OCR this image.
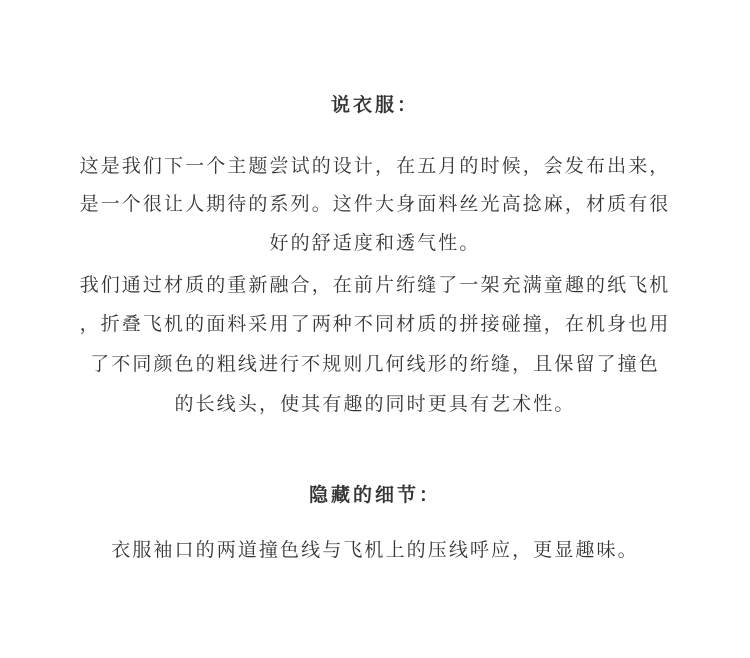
说衣服：
这是我们下一个主题尝试的设计，在五月的时候，会发布出来，
是一个很让人期待的系列。这件大身面料丝光高捻麻，材质有很
好的舒适度和透气性。
我们通过材质的重新融合，在前片绗缝了一架充满童趣的纸飞机
，折叠飞机的面料采用了两种不同材质的拼接碰撞，在机身也用
了不同颜色的粗线进行不规则几何线形的绗缝，且保留了撞色
的长线头，使其有趣的同时更具有艺术性。
隐藏的细节：
衣服袖口的两道撞色线与飞机上的压线呼应，更显趣味。
